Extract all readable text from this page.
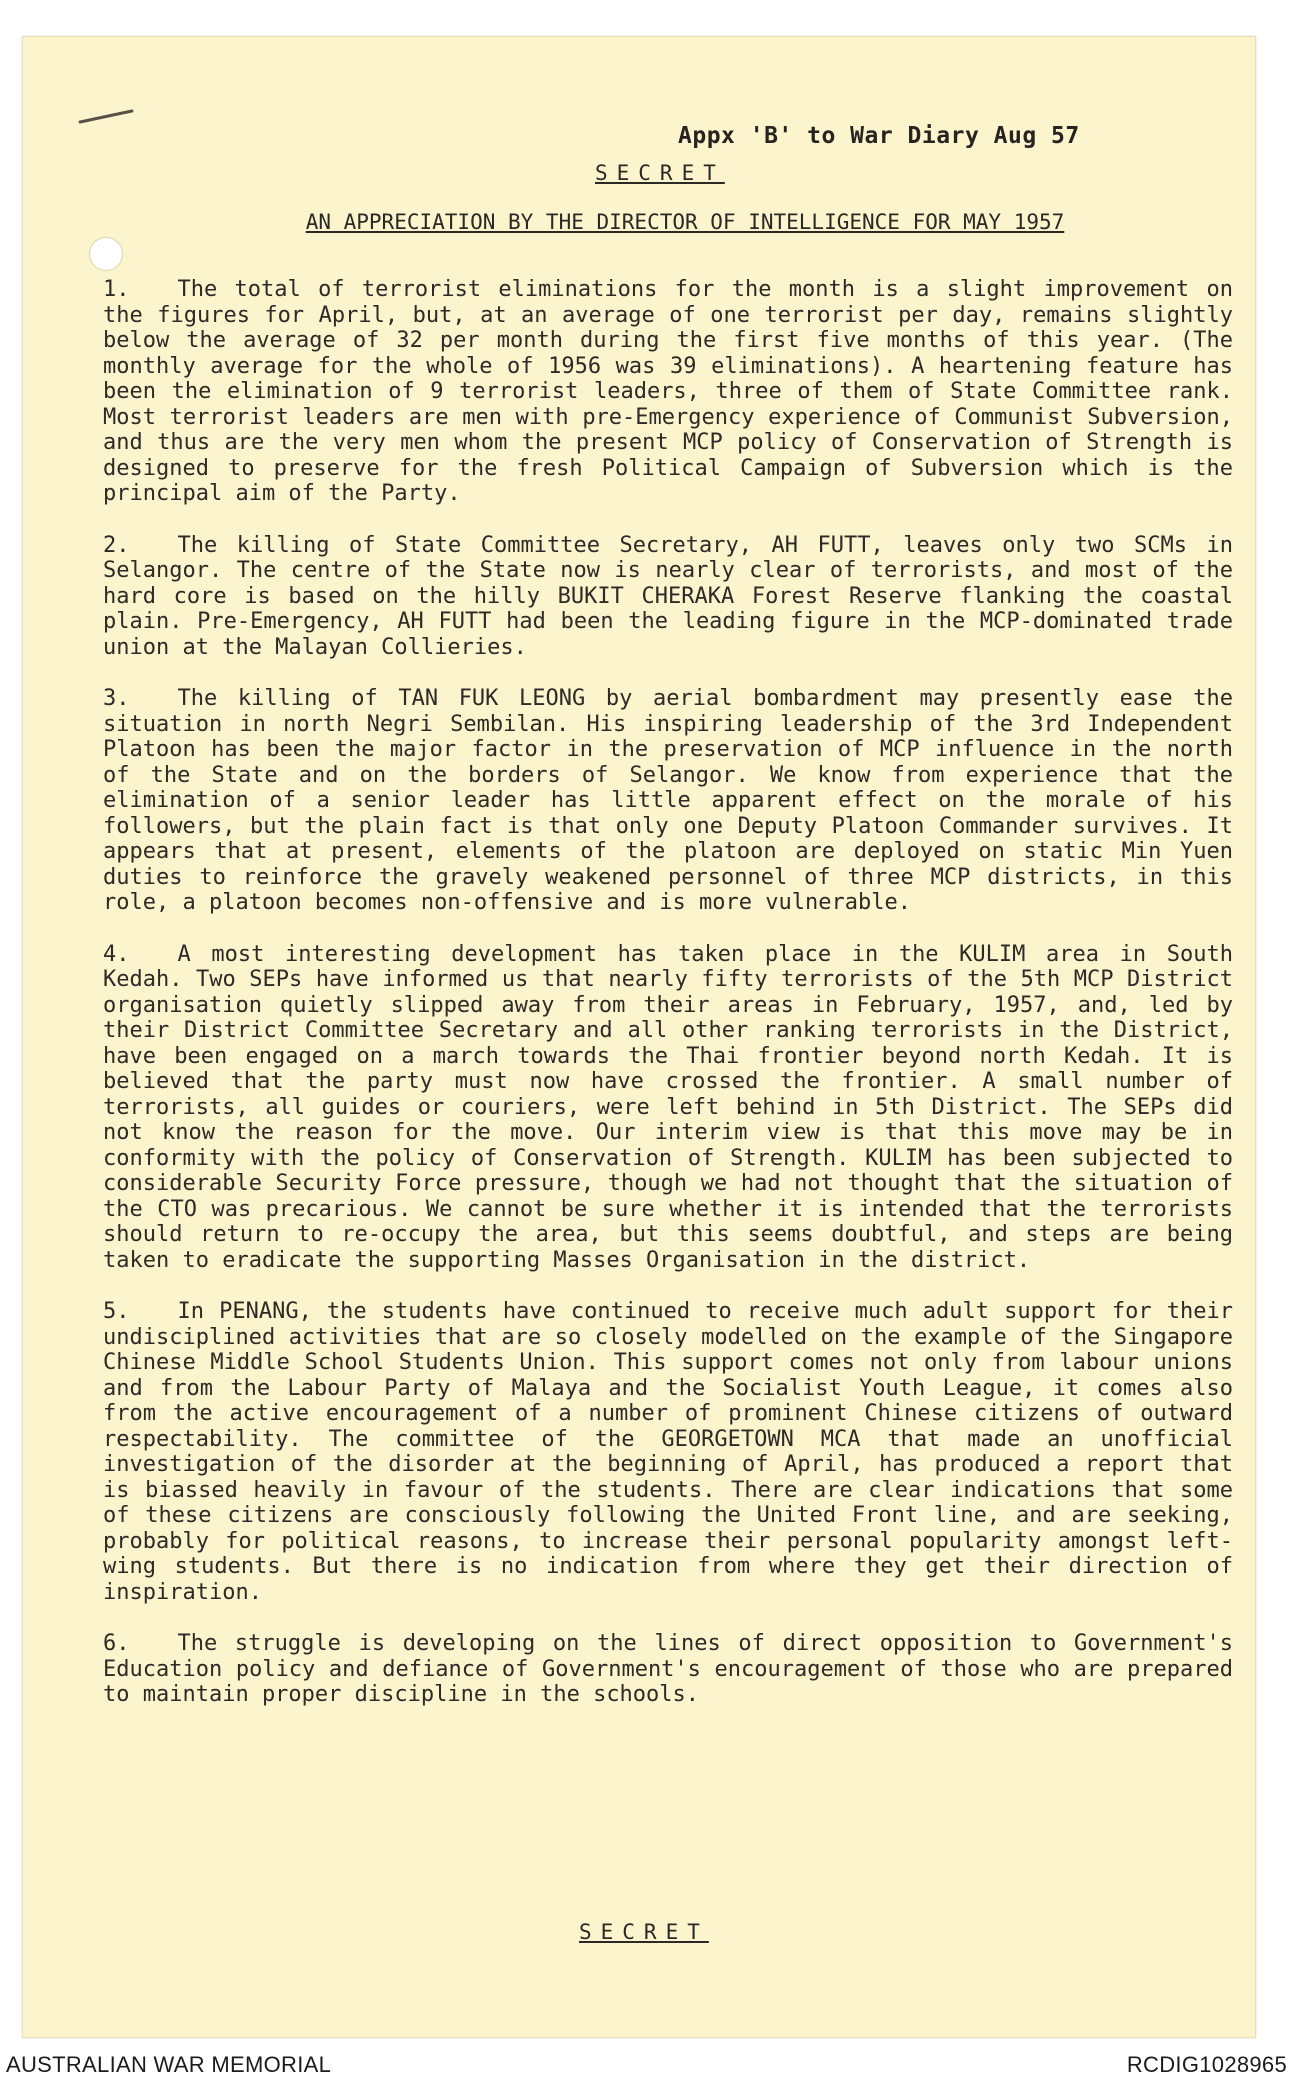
Appx 'B' to War Diary Aug 57
SECRET
AN APPRECIATION BY THE DIRECTOR OF INTELLIGENCE FOR MAY 1957

1. The total of terrorist eliminations for the month is a slight improvement on the figures for April, but, at an average of one terrorist per day, remains slightly below the average of 32 per month during the first five months of this year. (The monthly average for the whole of 1956 was 39 eliminations). A heartening feature has been the elimination of 9 terrorist leaders, three of them of State Committee rank. Most terrorist leaders are men with pre-Emergency experience of Communist Subversion, and thus are the very men whom the present MCP policy of Conservation of Strength is designed to preserve for the fresh Political Campaign of Subversion which is the principal aim of the Party.

2. The killing of State Committee Secretary, AH FUTT, leaves only two SCMs in Selangor. The centre of the State now is nearly clear of terrorists, and most of the hard core is based on the hilly BUKIT CHERAKA Forest Reserve flanking the coastal plain. Pre-Emergency, AH FUTT had been the leading figure in the MCP-dominated trade union at the Malayan Collieries.

3. The killing of TAN FUK LEONG by aerial bombardment may presently ease the situation in north Negri Sembilan. His inspiring leadership of the 3rd Independent Platoon has been the major factor in the preservation of MCP influence in the north of the State and on the borders of Selangor. We know from experience that the elimination of a senior leader has little apparent effect on the morale of his followers, but the plain fact is that only one Deputy Platoon Commander survives. It appears that at present, elements of the platoon are deployed on static Min Yuen duties to reinforce the gravely weakened personnel of three MCP districts, in this role, a platoon becomes non-offensive and is more vulnerable.

4. A most interesting development has taken place in the KULIM area in South Kedah. Two SEPs have informed us that nearly fifty terrorists of the 5th MCP District organisation quietly slipped away from their areas in February, 1957, and, led by their District Committee Secretary and all other ranking terrorists in the District, have been engaged on a march towards the Thai frontier beyond north Kedah. It is believed that the party must now have crossed the frontier. A small number of terrorists, all guides or couriers, were left behind in 5th District. The SEPs did not know the reason for the move. Our interim view is that this move may be in conformity with the policy of Conservation of Strength. KULIM has been subjected to considerable Security Force pressure, though we had not thought that the situation of the CTO was precarious. We cannot be sure whether it is intended that the terrorists should return to re-occupy the area, but this seems doubtful, and steps are being taken to eradicate the supporting Masses Organisation in the district.

5. In PENANG, the students have continued to receive much adult support for their undisciplined activities that are so closely modelled on the example of the Singapore Chinese Middle School Students Union. This support comes not only from labour unions and from the Labour Party of Malaya and the Socialist Youth League, it comes also from the active encouragement of a number of prominent Chinese citizens of outward respectability. The committee of the GEORGETOWN MCA that made an unofficial investigation of the disorder at the beginning of April, has produced a report that is biassed heavily in favour of the students. There are clear indications that some of these citizens are consciously following the United Front line, and are seeking, probably for political reasons, to increase their personal popularity amongst left-wing students. But there is no indication from where they get their direction of inspiration.

6. The struggle is developing on the lines of direct opposition to Government's Education policy and defiance of Government's encouragement of those who are prepared to maintain proper discipline in the schools.

SECRET
AUSTRALIAN WAR MEMORIAL	RCDIG1028965
